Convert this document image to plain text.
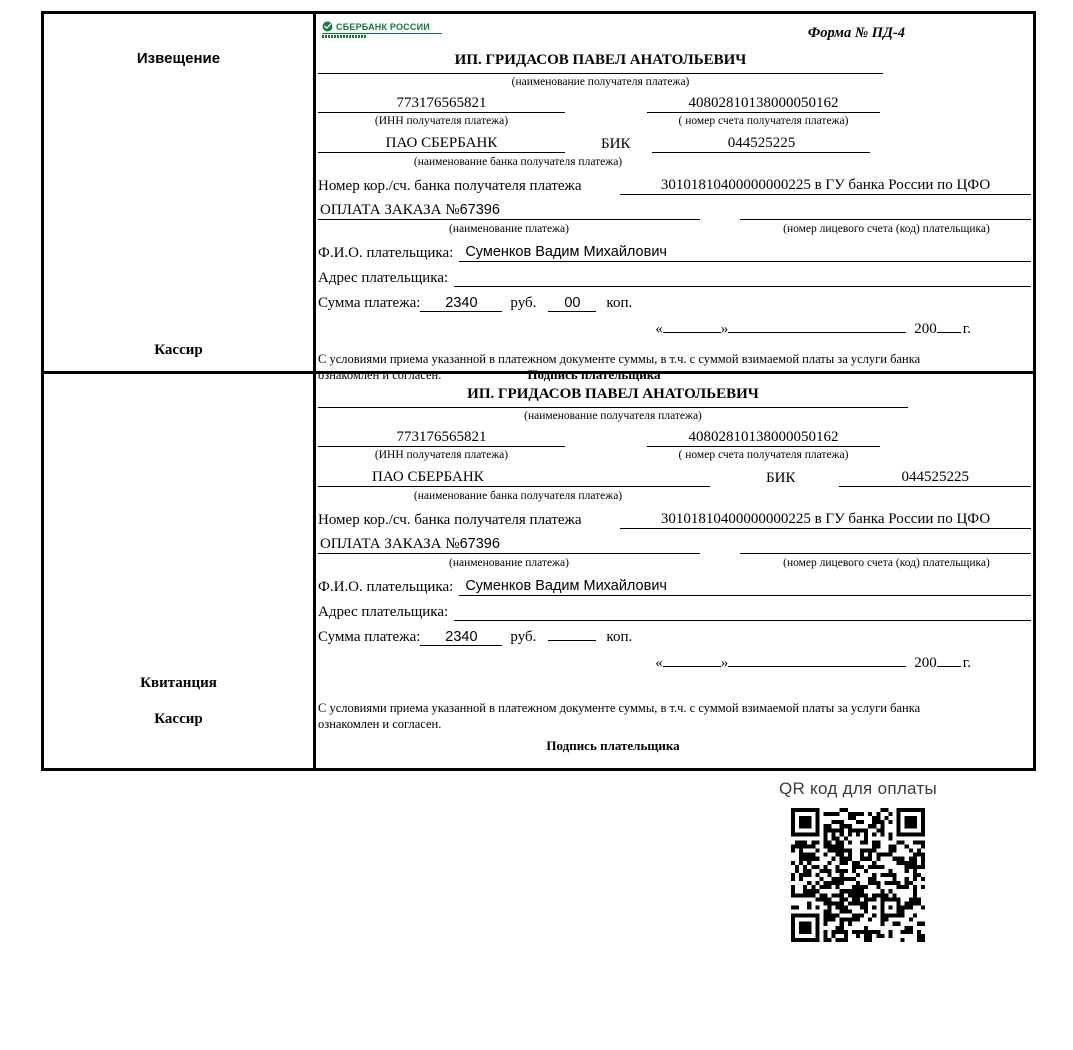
Извещение
Кассир
СБЕРБАНК РОССИИ	Форма № ПД-4
ИП. ГРИДАСОВ ПАВЕЛ АНАТОЛЬЕВИЧ
(наименование получателя платежа)
773176565821	40802810138000050162
(ИНН получателя платежа)	( номер счета получателя платежа)
ПАО СБЕРБАНК	БИК	044525225
(наименование банка получателя платежа)
Номер кор./сч. банка получателя платежа	30101810400000000225 в ГУ банка России по ЦФО
ОПЛАТА ЗАКАЗА №67396
(наименование платежа)	(номер лицевого счета (код) плательщика)
Ф.И.О. плательщика: Суменков Вадим Михайлович
Адрес плательщика:
Сумма платежа:	2340	руб.	00	коп.
«	»	200 г.
С условиями приема указанной в платежном документе суммы, в т.ч. с суммой взимаемой платы за услуги банка
ознакомлен и согласен.	Подпись плательщика
Квитанция
Кассир
ИП. ГРИДАСОВ ПАВЕЛ АНАТОЛЬЕВИЧ
(наименование получателя платежа)
773176565821	40802810138000050162
(ИНН получателя платежа)	( номер счета получателя платежа)
ПАО СБЕРБАНК	БИК	044525225
(наименование банка получателя платежа)
Номер кор./сч. банка получателя платежа	30101810400000000225 в ГУ банка России по ЦФО
ОПЛАТА ЗАКАЗА №67396
(наименование платежа)	(номер лицевого счета (код) плательщика)
Ф.И.О. плательщика: Суменков Вадим Михайлович
Адрес плательщика:
Сумма платежа:	2340	руб.	коп.
«	»	200 г.
С условиями приема указанной в платежном документе суммы, в т.ч. с суммой взимаемой платы за услуги банка
ознакомлен и согласен.
Подпись плательщика
QR код для оплаты
